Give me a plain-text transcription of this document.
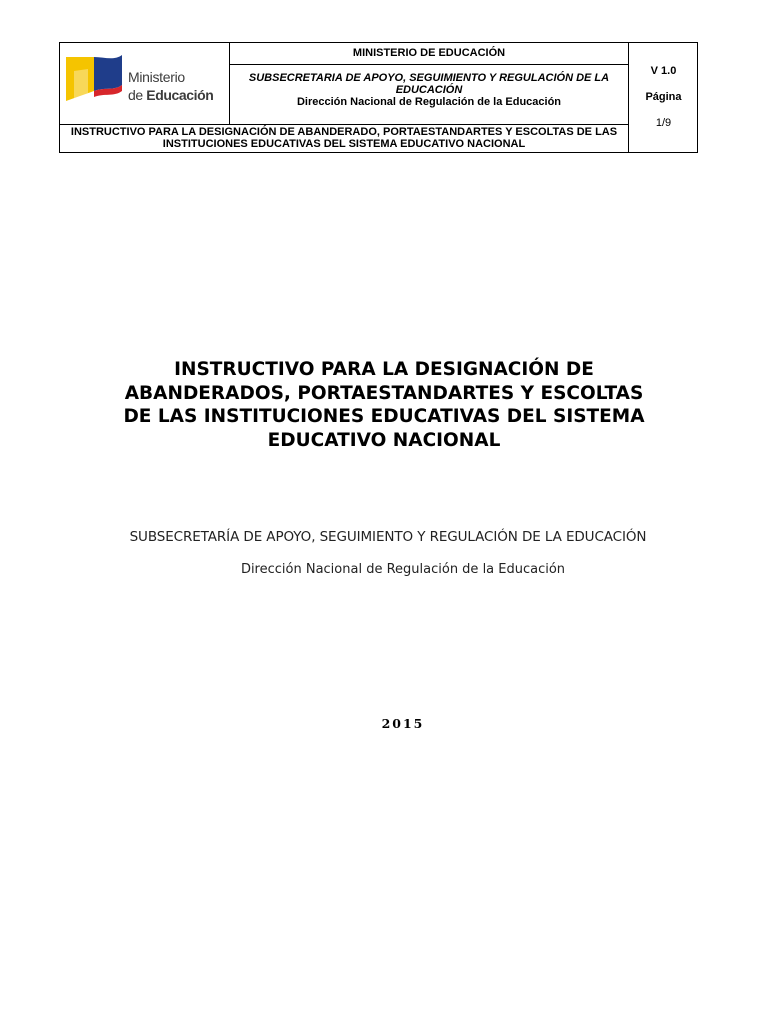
Ministerio
de Educación
MINISTERIO DE EDUCACIÓN
SUBSECRETARIA DE APOYO, SEGUIMIENTO Y REGULACIÓN DE LA EDUCACIÓN
Dirección Nacional de Regulación de la Educación
V 1.0
Página
1/9
INSTRUCTIVO PARA LA DESIGNACIÓN DE ABANDERADO, PORTAESTANDARTES Y ESCOLTAS DE LAS INSTITUCIONES EDUCATIVAS DEL SISTEMA EDUCATIVO NACIONAL
INSTRUCTIVO PARA LA DESIGNACIÓN DE
ABANDERADOS, PORTAESTANDARTES Y ESCOLTAS
DE LAS INSTITUCIONES EDUCATIVAS DEL SISTEMA
EDUCATIVO NACIONAL
SUBSECRETARÍA DE APOYO, SEGUIMIENTO Y REGULACIÓN DE LA EDUCACIÓN
Dirección Nacional de Regulación de la Educación
2015
